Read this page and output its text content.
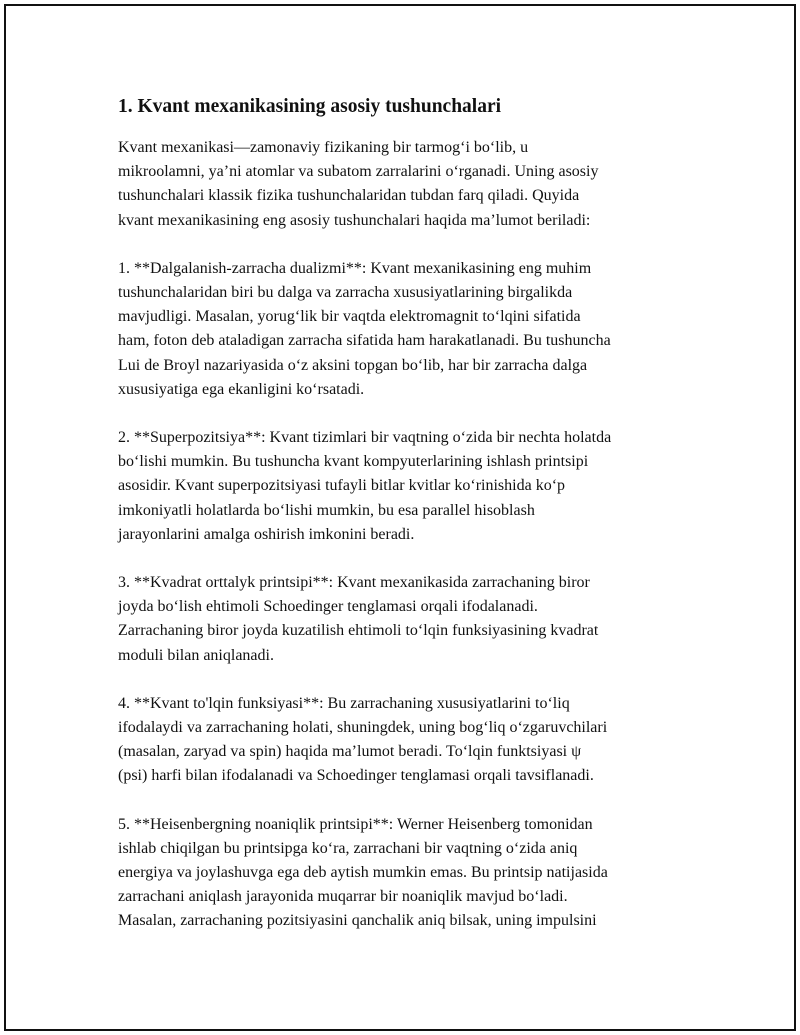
1. Kvant mexanikasining asosiy tushunchalari

Kvant mexanikasi—zamonaviy fizikaning bir tarmog‘i bo‘lib, u
mikroolamni, ya’ni atomlar va subatom zarralarini o‘rganadi. Uning asosiy
tushunchalari klassik fizika tushunchalaridan tubdan farq qiladi. Quyida
kvant mexanikasining eng asosiy tushunchalari haqida ma’lumot beriladi:

1. **Dalgalanish-zarracha dualizmi**: Kvant mexanikasining eng muhim
tushunchalaridan biri bu dalga va zarracha xususiyatlarining birgalikda
mavjudligi. Masalan, yorug‘lik bir vaqtda elektromagnit to‘lqini sifatida
ham, foton deb ataladigan zarracha sifatida ham harakatlanadi. Bu tushuncha
Lui de Broyl nazariyasida o‘z aksini topgan bo‘lib, har bir zarracha dalga
xususiyatiga ega ekanligini ko‘rsatadi.

2. **Superpozitsiya**: Kvant tizimlari bir vaqtning o‘zida bir nechta holatda
bo‘lishi mumkin. Bu tushuncha kvant kompyuterlarining ishlash printsipi
asosidir. Kvant superpozitsiyasi tufayli bitlar kvitlar ko‘rinishida ko‘p
imkoniyatli holatlarda bo‘lishi mumkin, bu esa parallel hisoblash
jarayonlarini amalga oshirish imkonini beradi.

3. **Kvadrat orttalyk printsipi**: Kvant mexanikasida zarrachaning biror
joyda bo‘lish ehtimoli Schoedinger tenglamasi orqali ifodalanadi.
Zarrachaning biror joyda kuzatilish ehtimoli to‘lqin funksiyasining kvadrat
moduli bilan aniqlanadi.

4. **Kvant to'lqin funksiyasi**: Bu zarrachaning xususiyatlarini to‘liq
ifodalaydi va zarrachaning holati, shuningdek, uning bog‘liq o‘zgaruvchilari
(masalan, zaryad va spin) haqida ma’lumot beradi. To‘lqin funktsiyasi ψ
(psi) harfi bilan ifodalanadi va Schoedinger tenglamasi orqali tavsiflanadi.

5. **Heisenbergning noaniqlik printsipi**: Werner Heisenberg tomonidan
ishlab chiqilgan bu printsipga ko‘ra, zarrachani bir vaqtning o‘zida aniq
energiya va joylashuvga ega deb aytish mumkin emas. Bu printsip natijasida
zarrachani aniqlash jarayonida muqarrar bir noaniqlik mavjud bo‘ladi.
Masalan, zarrachaning pozitsiyasini qanchalik aniq bilsak, uning impulsini
